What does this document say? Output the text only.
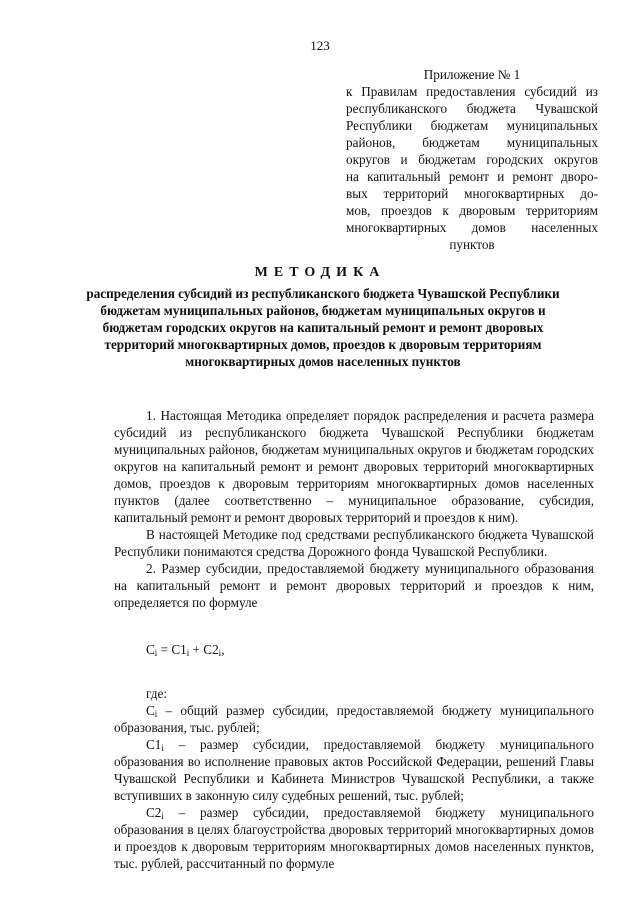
123
Приложение № 1
к Правилам предоставления субсидий из
республиканского бюджета Чувашской
Республики бюджетам муниципальных
районов, бюджетам муниципальных
округов и бюджетам городских округов
на капитальный ремонт и ремонт дворо-
вых территорий многоквартирных до-
мов, проездов к дворовым территориям
многоквартирных домов населенных
пунктов
МЕТОДИКА
распределения субсидий из республиканского бюджета Чувашской Республики бюджетам муниципальных районов, бюджетам муниципальных округов и бюджетам городских округов на капитальный ремонт и ремонт дворовых территорий многоквартирных домов, проездов к дворовым территориям многоквартирных домов населенных пунктов

1. Настоящая Методика определяет порядок распределения и расчета размера субсидий из республиканского бюджета Чувашской Республики бюджетам муниципальных районов, бюджетам муниципальных округов и бюджетам городских округов на капитальный ремонт и ремонт дворовых территорий многоквартирных домов, проездов к дворовым территориям многоквартирных домов населенных пунктов (далее соответственно – муниципальное образование, субсидия, капитальный ремонт и ремонт дворовых территорий и проездов к ним).

В настоящей Методике под средствами республиканского бюджета Чувашской Республики понимаются средства Дорожного фонда Чувашской Республики.

2. Размер субсидии, предоставляемой бюджету муниципального образования на капитальный ремонт и ремонт дворовых территорий и проездов к ним, определяется по формуле

$C_i = C1_i + C2_i$,

где:

$C_i$ – общий размер субсидии, предоставляемой бюджету муниципального образования, тыс. рублей;

$C1_i$ – размер субсидии, предоставляемой бюджету муниципального образования во исполнение правовых актов Российской Федерации, решений Главы Чувашской Республики и Кабинета Министров Чувашской Республики, а также вступивших в законную силу судебных решений, тыс. рублей;

$C2_i$ – размер субсидии, предоставляемой бюджету муниципального образования в целях благоустройства дворовых территорий многоквартирных домов и проездов к дворовым территориям многоквартирных домов населенных пунктов, тыс. рублей, рассчитанный по формуле
